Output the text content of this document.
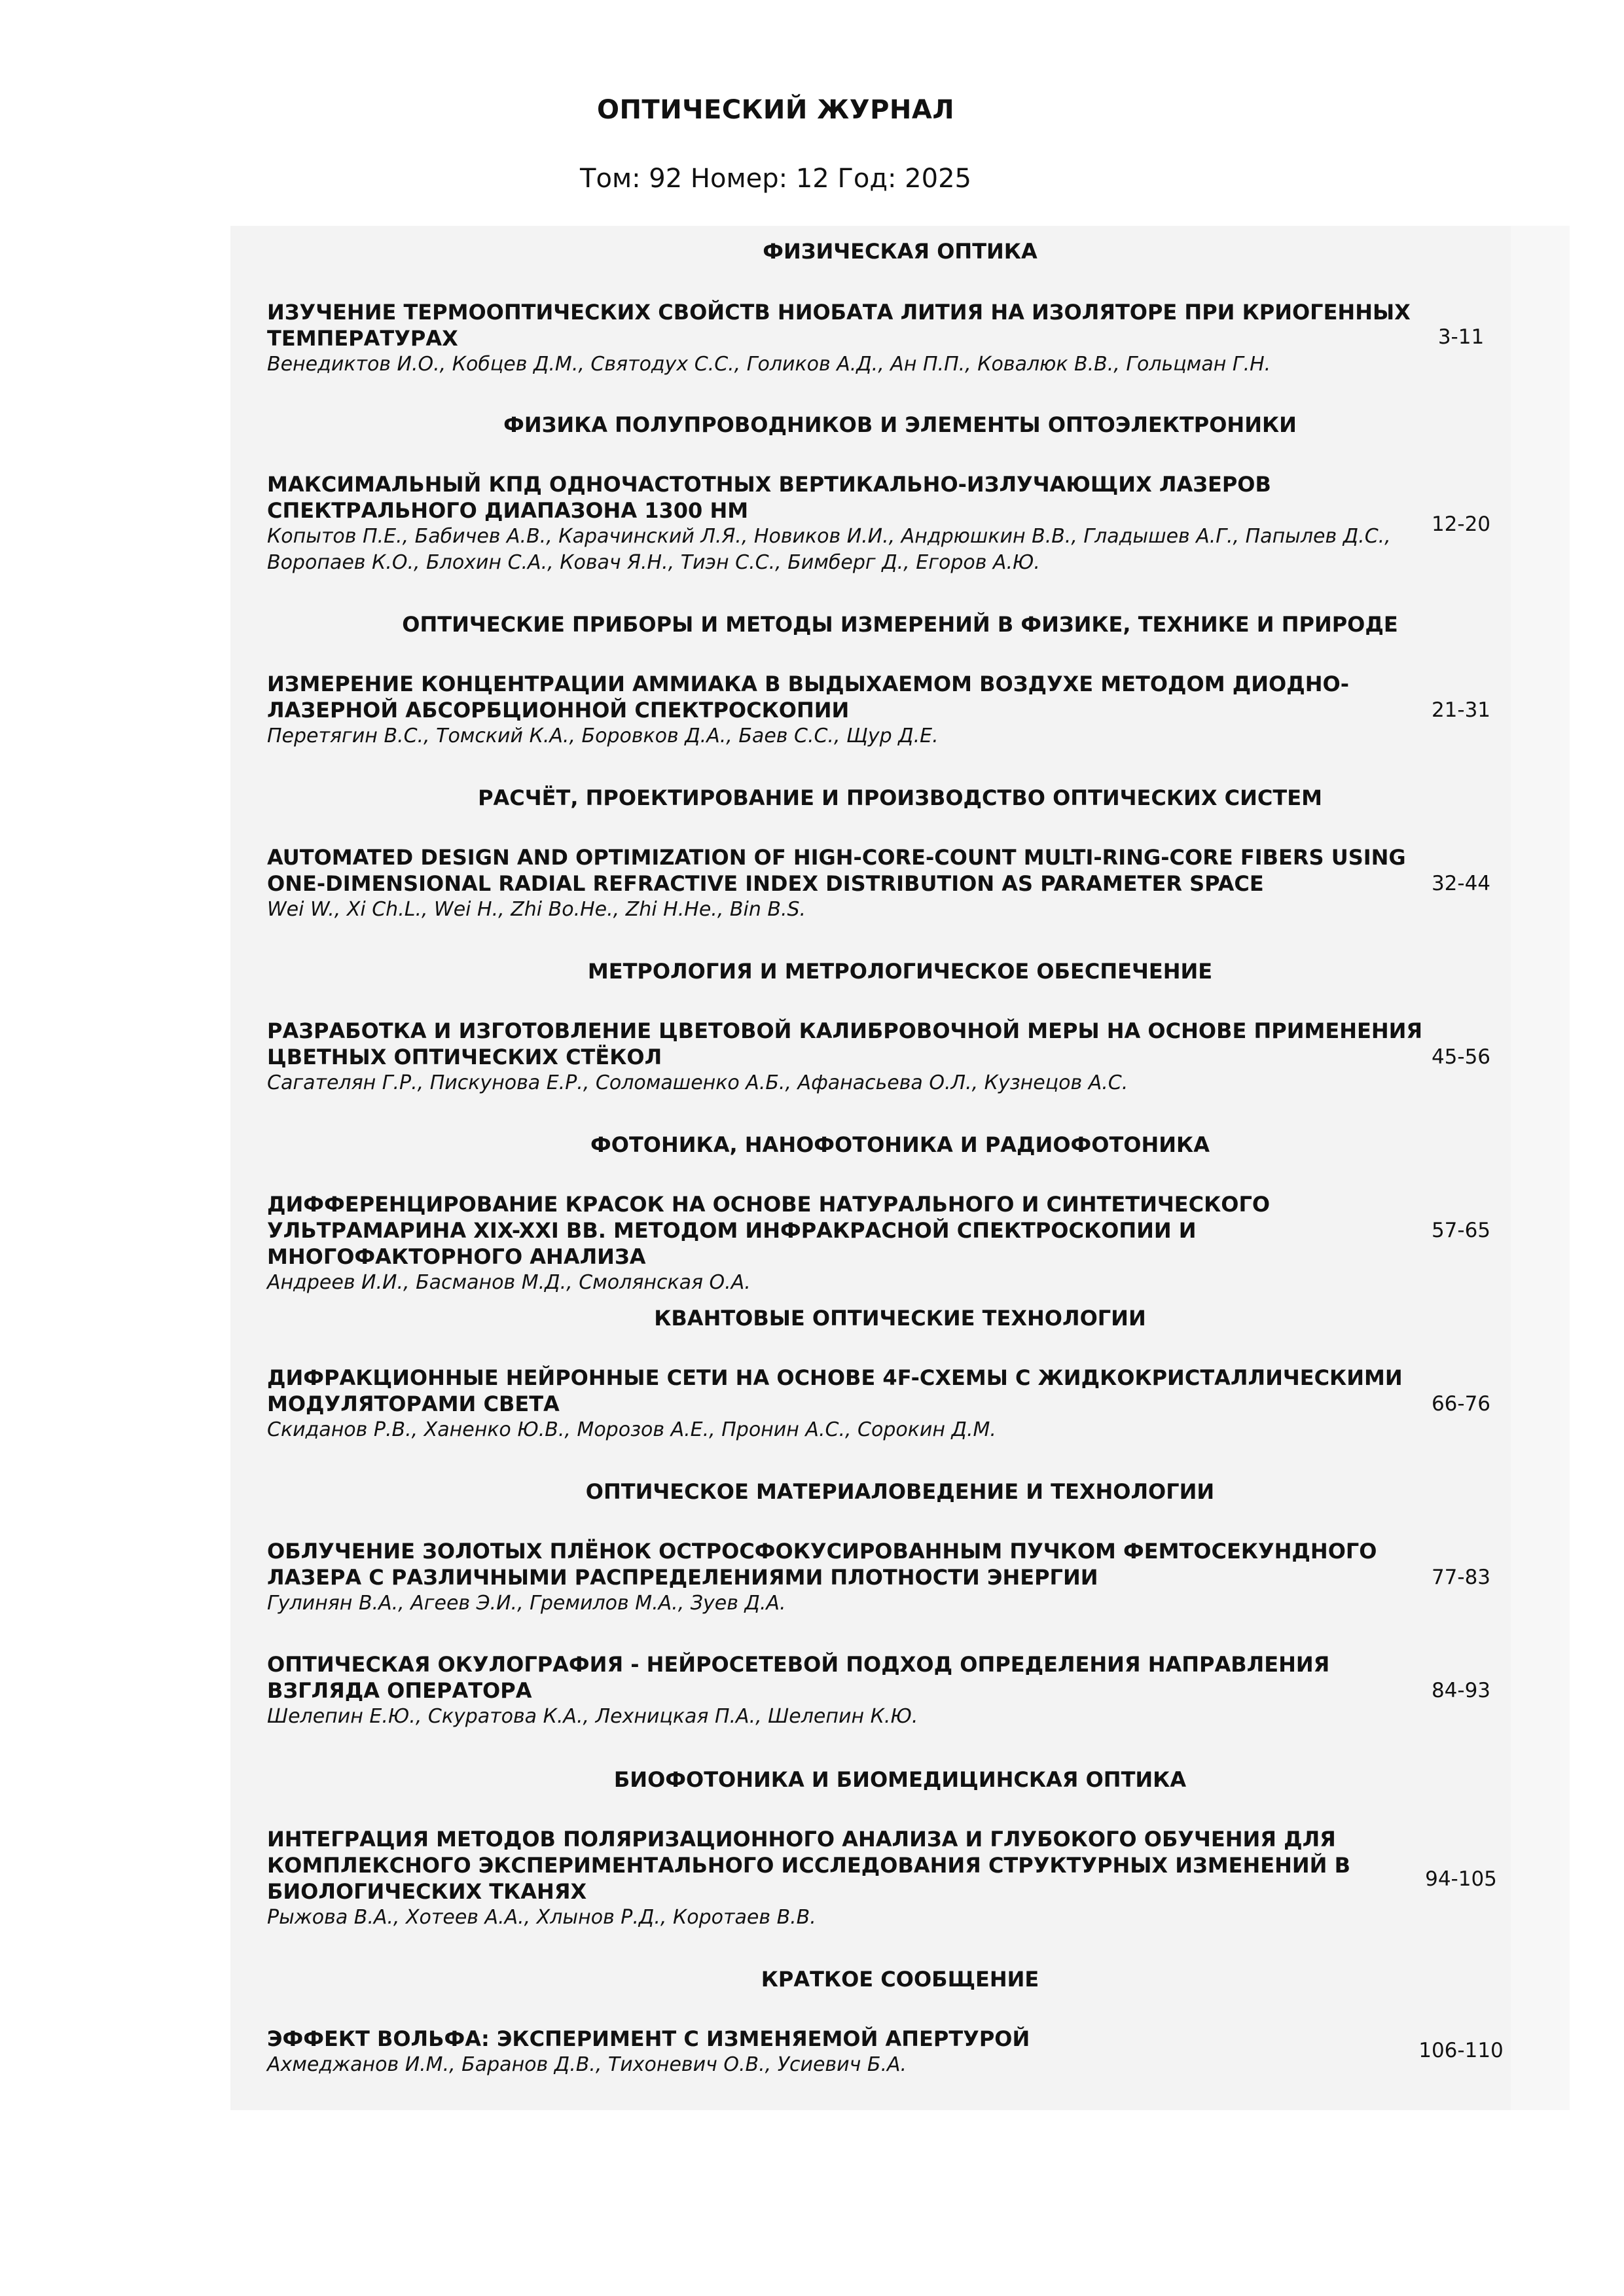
ОПТИЧЕСКИЙ ЖУРНАЛ
Том: 92 Номер: 12 Год: 2025
ФИЗИЧЕСКАЯ ОПТИКА
ИЗУЧЕНИЕ ТЕРМООПТИЧЕСКИХ СВОЙСТВ НИОБАТА ЛИТИЯ НА ИЗОЛЯТОРЕ ПРИ КРИОГЕННЫХ ТЕМПЕРАТУРАХ
Венедиктов И.О., Кобцев Д.М., Святодух С.С., Голиков А.Д., Ан П.П., Ковалюк В.В., Гольцман Г.Н.
3-11
ФИЗИКА ПОЛУПРОВОДНИКОВ И ЭЛЕМЕНТЫ ОПТОЭЛЕКТРОНИКИ
МАКСИМАЛЬНЫЙ КПД ОДНОЧАСТОТНЫХ ВЕРТИКАЛЬНО-ИЗЛУЧАЮЩИХ ЛАЗЕРОВ СПЕКТРАЛЬНОГО ДИАПАЗОНА 1300 НМ
Копытов П.Е., Бабичев А.В., Карачинский Л.Я., Новиков И.И., Андрюшкин В.В., Гладышев А.Г., Папылев Д.С., Воропаев К.О., Блохин С.А., Ковач Я.Н., Тиэн С.С., Бимберг Д., Егоров А.Ю.
12-20
ОПТИЧЕСКИЕ ПРИБОРЫ И МЕТОДЫ ИЗМЕРЕНИЙ В ФИЗИКЕ, ТЕХНИКЕ И ПРИРОДЕ
ИЗМЕРЕНИЕ КОНЦЕНТРАЦИИ АММИАКА В ВЫДЫХАЕМОМ ВОЗДУХЕ МЕТОДОМ ДИОДНО-ЛАЗЕРНОЙ АБСОРБЦИОННОЙ СПЕКТРОСКОПИИ
Перетягин В.С., Томский К.А., Боровков Д.А., Баев С.С., Щур Д.Е.
21-31
РАСЧЁТ, ПРОЕКТИРОВАНИЕ И ПРОИЗВОДСТВО ОПТИЧЕСКИХ СИСТЕМ
AUTOMATED DESIGN AND OPTIMIZATION OF HIGH-CORE-COUNT MULTI-RING-CORE FIBERS USING ONE-DIMENSIONAL RADIAL REFRACTIVE INDEX DISTRIBUTION AS PARAMETER SPACE
Wei W., Xi Ch.L., Wei H., Zhi Bo.He., Zhi H.He., Bin B.S.
32-44
МЕТРОЛОГИЯ И МЕТРОЛОГИЧЕСКОЕ ОБЕСПЕЧЕНИЕ
РАЗРАБОТКА И ИЗГОТОВЛЕНИЕ ЦВЕТОВОЙ КАЛИБРОВОЧНОЙ МЕРЫ НА ОСНОВЕ ПРИМЕНЕНИЯ ЦВЕТНЫХ ОПТИЧЕСКИХ СТЁКОЛ
Сагателян Г.Р., Пискунова Е.Р., Соломашенко А.Б., Афанасьева О.Л., Кузнецов А.С.
45-56
ФОТОНИКА, НАНОФОТОНИКА И РАДИОФОТОНИКА
ДИФФЕРЕНЦИРОВАНИЕ КРАСОК НА ОСНОВЕ НАТУРАЛЬНОГО И СИНТЕТИЧЕСКОГО УЛЬТРАМАРИНА XIX-XXI ВВ. МЕТОДОМ ИНФРАКРАСНОЙ СПЕКТРОСКОПИИ И МНОГОФАКТОРНОГО АНАЛИЗА
Андреев И.И., Басманов М.Д., Смолянская О.А.
57-65
КВАНТОВЫЕ ОПТИЧЕСКИЕ ТЕХНОЛОГИИ
ДИФРАКЦИОННЫЕ НЕЙРОННЫЕ СЕТИ НА ОСНОВЕ 4F-СХЕМЫ С ЖИДКОКРИСТАЛЛИЧЕСКИМИ МОДУЛЯТОРАМИ СВЕТА
Скиданов Р.В., Ханенко Ю.В., Морозов А.Е., Пронин А.С., Сорокин Д.М.
66-76
ОПТИЧЕСКОЕ МАТЕРИАЛОВЕДЕНИЕ И ТЕХНОЛОГИИ
ОБЛУЧЕНИЕ ЗОЛОТЫХ ПЛЁНОК ОСТРОСФОКУСИРОВАННЫМ ПУЧКОМ ФЕМТОСЕКУНДНОГО ЛАЗЕРА С РАЗЛИЧНЫМИ РАСПРЕДЕЛЕНИЯМИ ПЛОТНОСТИ ЭНЕРГИИ
Гулинян В.А., Агеев Э.И., Гремилов М.А., Зуев Д.А.
77-83
ОПТИЧЕСКАЯ ОКУЛОГРАФИЯ - НЕЙРОСЕТЕВОЙ ПОДХОД ОПРЕДЕЛЕНИЯ НАПРАВЛЕНИЯ ВЗГЛЯДА ОПЕРАТОРА
Шелепин Е.Ю., Скуратова К.А., Лехницкая П.А., Шелепин К.Ю.
84-93
БИОФОТОНИКА И БИОМЕДИЦИНСКАЯ ОПТИКА
ИНТЕГРАЦИЯ МЕТОДОВ ПОЛЯРИЗАЦИОННОГО АНАЛИЗА И ГЛУБОКОГО ОБУЧЕНИЯ ДЛЯ КОМПЛЕКСНОГО ЭКСПЕРИМЕНТАЛЬНОГО ИССЛЕДОВАНИЯ СТРУКТУРНЫХ ИЗМЕНЕНИЙ В БИОЛОГИЧЕСКИХ ТКАНЯХ
Рыжова В.А., Хотеев А.А., Хлынов Р.Д., Коротаев В.В.
94-105
КРАТКОЕ СООБЩЕНИЕ
ЭФФЕКТ ВОЛЬФА: ЭКСПЕРИМЕНТ С ИЗМЕНЯЕМОЙ АПЕРТУРОЙ
Ахмеджанов И.М., Баранов Д.В., Тихоневич О.В., Усиевич Б.А.
106-110
